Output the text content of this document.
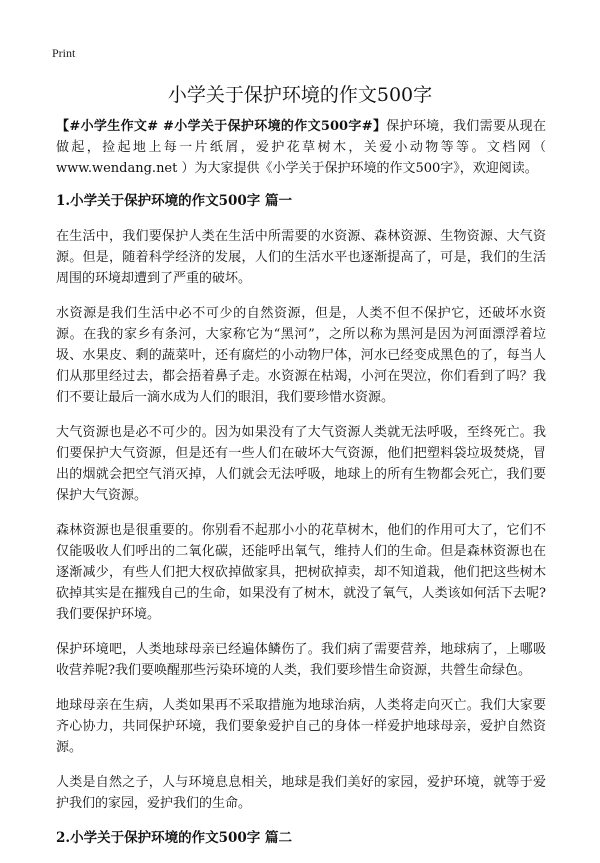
Print
小学关于保护环境的作文500字

【#小学生作文# #小学关于保护环境的作文500字#】保护环境，我们需要从现在做起，捡起地上每一片纸屑，爱护花草树木，关爱小动物等等。文档网（ www.wendang.net ）为大家提供《小学关于保护环境的作文500字》，欢迎阅读。

1.小学关于保护环境的作文500字 篇一

在生活中，我们要保护人类在生活中所需要的水资源、森林资源、生物资源、大气资源。但是，随着科学经济的发展，人们的生活水平也逐渐提高了，可是，我们的生活周围的环境却遭到了严重的破坏。

水资源是我们生活中必不可少的自然资源，但是，人类不但不保护它，还破坏水资源。在我的家乡有条河，大家称它为“黑河”，之所以称为黑河是因为河面漂浮着垃圾、水果皮、剩的蔬菜叶，还有腐烂的小动物尸体，河水已经变成黑色的了，每当人们从那里经过去，都会捂着鼻子走。水资源在枯竭，小河在哭泣，你们看到了吗？我们不要让最后一滴水成为人们的眼泪，我们要珍惜水资源。

大气资源也是必不可少的。因为如果没有了大气资源人类就无法呼吸，至终死亡。我们要保护大气资源，但是还有一些人们在破坏大气资源，他们把塑料袋垃圾焚烧，冒出的烟就会把空气消灭掉，人们就会无法呼吸，地球上的所有生物都会死亡，我们要保护大气资源。

森林资源也是很重要的。你别看不起那小小的花草树木，他们的作用可大了，它们不仅能吸收人们呼出的二氧化碳，还能呼出氧气，维持人们的生命。但是森林资源也在逐渐减少，有些人们把大杈砍掉做家具，把树砍掉卖，却不知道栽，他们把这些树木砍掉其实是在摧残自己的生命，如果没有了树木，就没了氧气，人类该如何活下去呢?我们要保护环境。

保护环境吧，人类地球母亲已经遍体鳞伤了。我们病了需要营养，地球病了，上哪吸收营养呢?我们要唤醒那些污染环境的人类，我们要珍惜生命资源，共營生命绿色。

地球母亲在生病，人类如果再不采取措施为地球治病，人类将走向灭亡。我们大家要齐心协力，共同保护环境，我们要象爱护自己的身体一样爱护地球母亲，爱护自然资源。

人类是自然之子，人与环境息息相关，地球是我们美好的家园，爱护环境，就等于爱护我们的家园，爱护我们的生命。

2.小学关于保护环境的作文500字 篇二
